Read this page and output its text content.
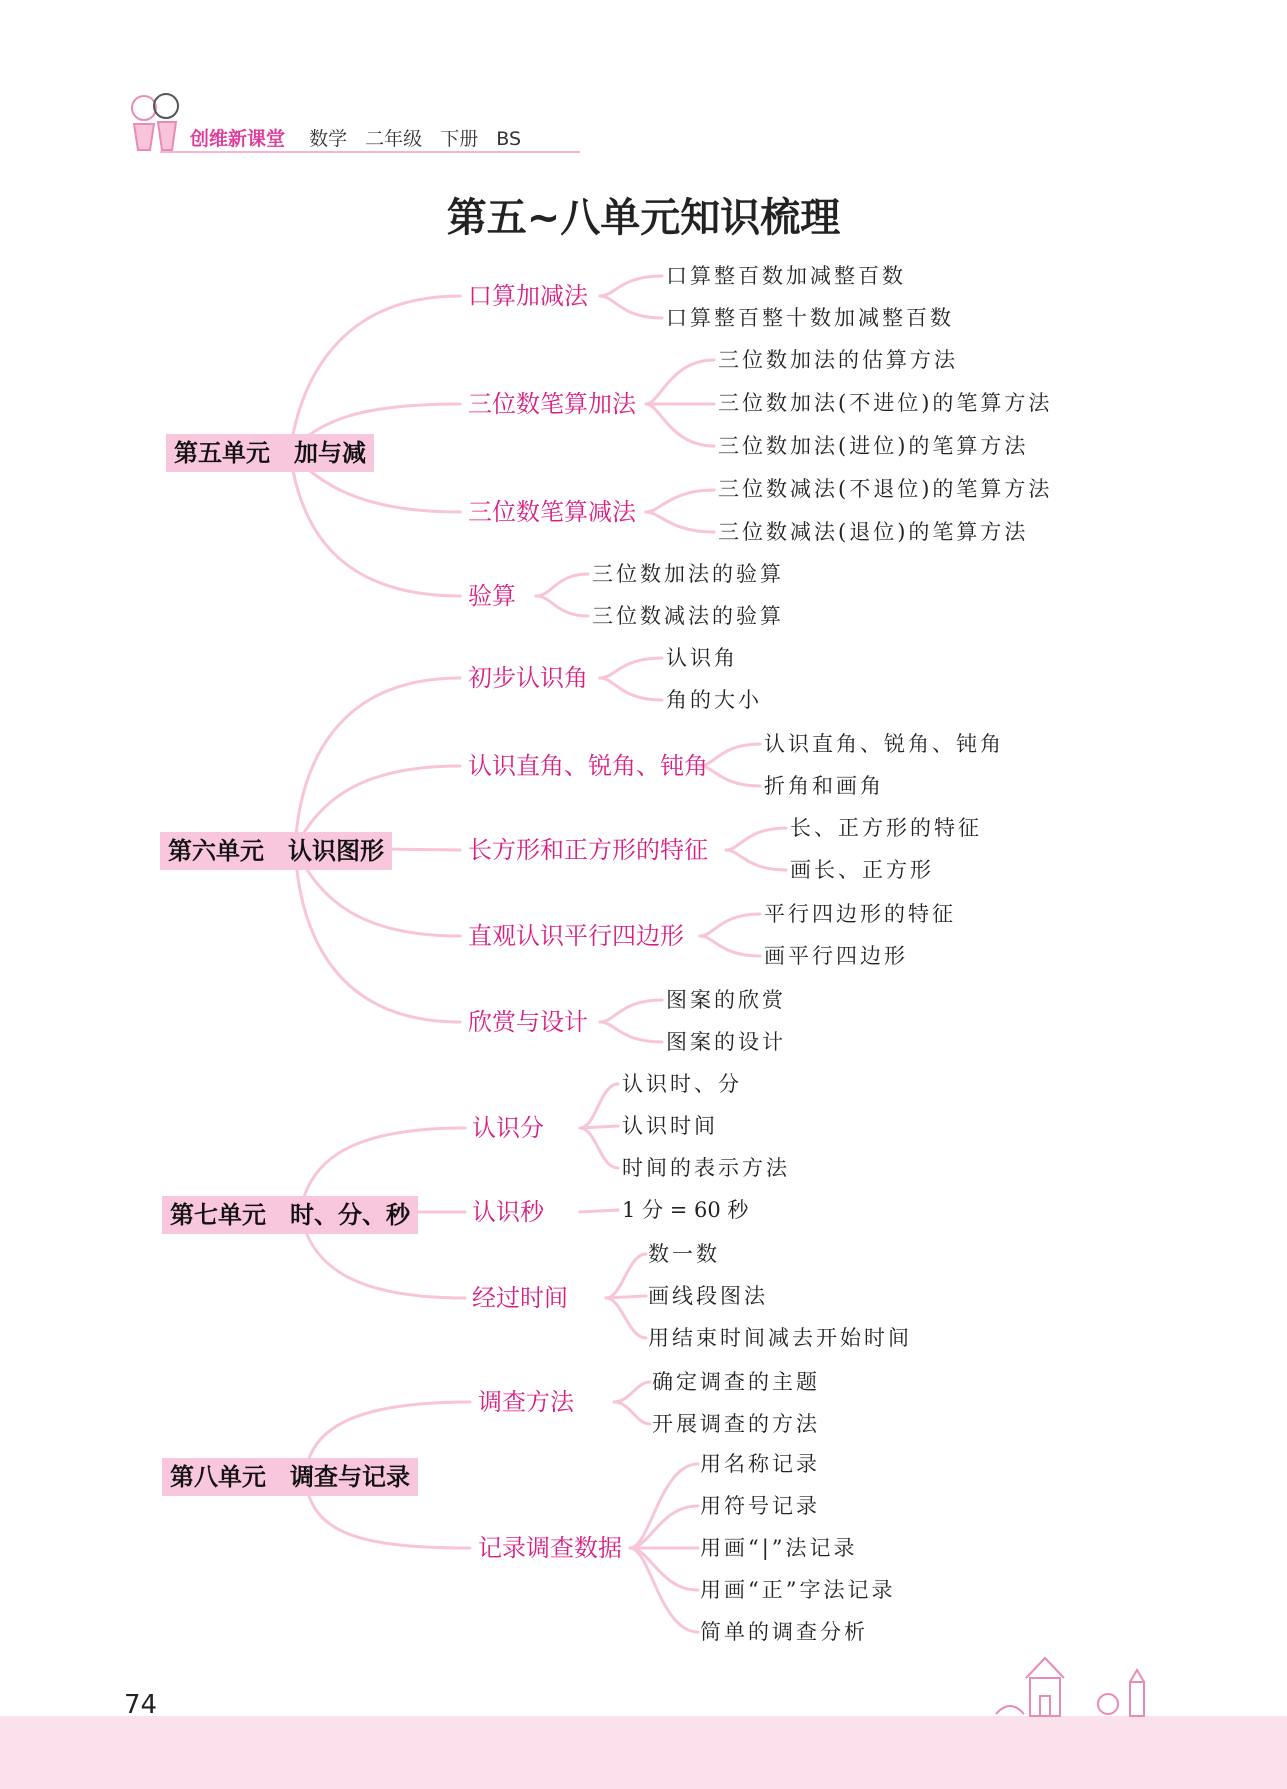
创维新课堂 数学 二年级 下册 BS
第五~八单元知识梳理
第五单元　加与减
口算加减法
口算整百数加减整百数
口算整百整十数加减整百数
三位数笔算加法
三位数加法的估算方法
三位数加法(不进位)的笔算方法
三位数加法(进位)的笔算方法
三位数笔算减法
三位数减法(不退位)的笔算方法
三位数减法(退位)的笔算方法
验算
三位数加法的验算
三位数减法的验算
第六单元　认识图形
初步认识角
认识角
角的大小
认识直角、锐角、钝角
认识直角、锐角、钝角
折角和画角
长方形和正方形的特征
长、正方形的特征
画长、正方形
直观认识平行四边形
平行四边形的特征
画平行四边形
欣赏与设计
图案的欣赏
图案的设计
第七单元　时、分、秒
认识分
认识时、分
认识时间
时间的表示方法
认识秒	1 分 = 60 秒
经过时间
数一数
画线段图法
用结束时间减去开始时间
第八单元　调查与记录
调查方法
确定调查的主题
开展调查的方法
记录调查数据
用名称记录
用符号记录
用画“|”法记录
用画“正”字法记录
简单的调查分析
74
